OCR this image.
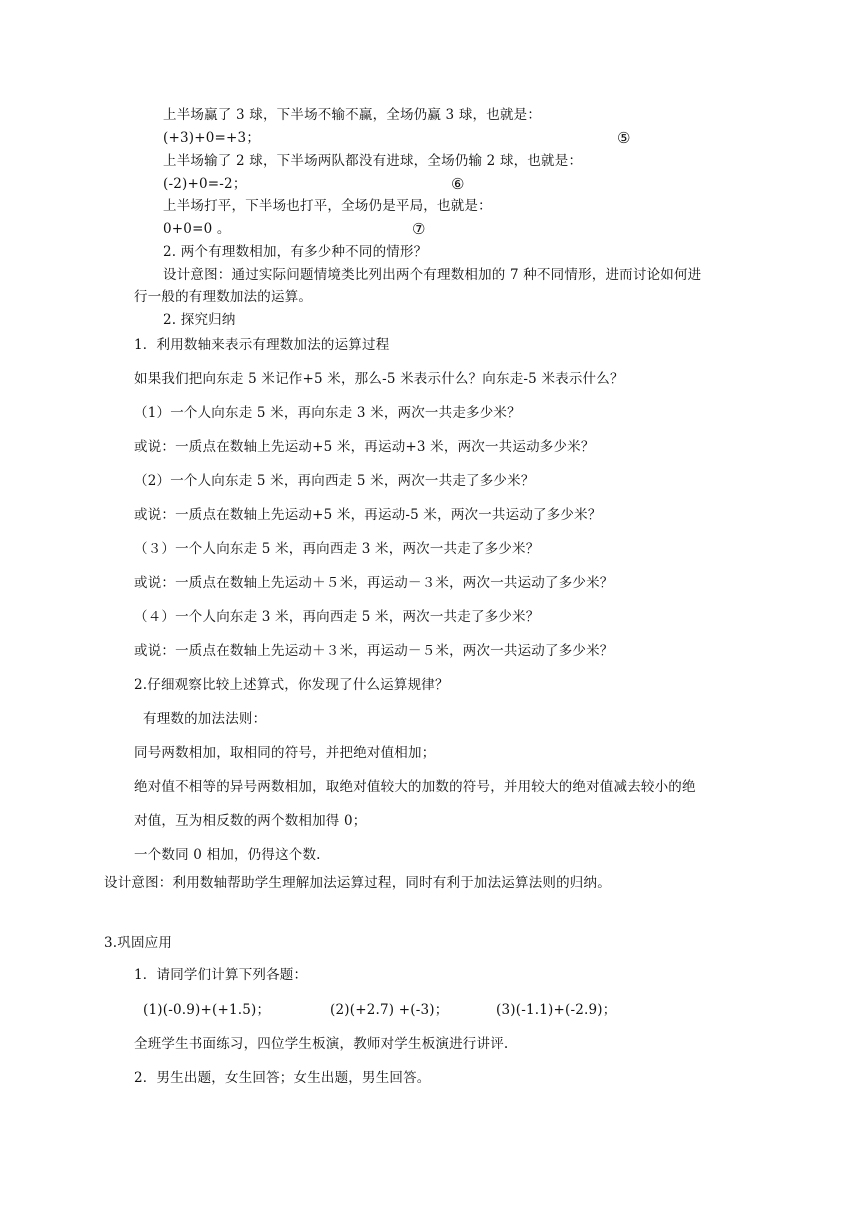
上半场赢了 3 球，下半场不输不赢，全场仍赢 3 球，也就是：
(+3)+0=+3；	⑤
上半场输了 2 球，下半场两队都没有进球，全场仍输 2 球，也就是：
(-2)+0=-2；	⑥
上半场打平，下半场也打平，全场仍是平局，也就是：
0+0=0 。	⑦
2. 两个有理数相加，有多少种不同的情形？
设计意图：通过实际问题情境类比列出两个有理数相加的 7 种不同情形，进而讨论如何进
行一般的有理数加法的运算。
2. 探究归纳
1．利用数轴来表示有理数加法的运算过程
如果我们把向东走 5 米记作+5 米，那么-5 米表示什么？向东走-5 米表示什么？
（1）一个人向东走 5 米，再向东走 3 米，两次一共走多少米？
或说：一质点在数轴上先运动+5 米，再运动+3 米，两次一共运动多少米？
（2）一个人向东走 5 米，再向西走 5 米，两次一共走了多少米？
或说：一质点在数轴上先运动+5 米，再运动-5 米，两次一共运动了多少米？
（３）一个人向东走 5 米，再向西走 3 米，两次一共走了多少米？
或说：一质点在数轴上先运动＋５米，再运动－３米，两次一共运动了多少米？
（４）一个人向东走 3 米，再向西走 5 米，两次一共走了多少米？
或说：一质点在数轴上先运动＋３米，再运动－５米，两次一共运动了多少米？
2.仔细观察比较上述算式，你发现了什么运算规律？
有理数的加法法则：
同号两数相加，取相同的符号，并把绝对值相加；
绝对值不相等的异号两数相加，取绝对值较大的加数的符号，并用较大的绝对值减去较小的绝
对值，互为相反数的两个数相加得 0；
一个数同 0 相加，仍得这个数.
设计意图：利用数轴帮助学生理解加法运算过程，同时有利于加法运算法则的归纳。
3.巩固应用
1．请同学们计算下列各题：
(1)(-0.9)+(+1.5)；	(2)(+2.7) +(-3)；	(3)(-1.1)+(-2.9)；
全班学生书面练习，四位学生板演，教师对学生板演进行讲评.
2．男生出题，女生回答；女生出题，男生回答。
